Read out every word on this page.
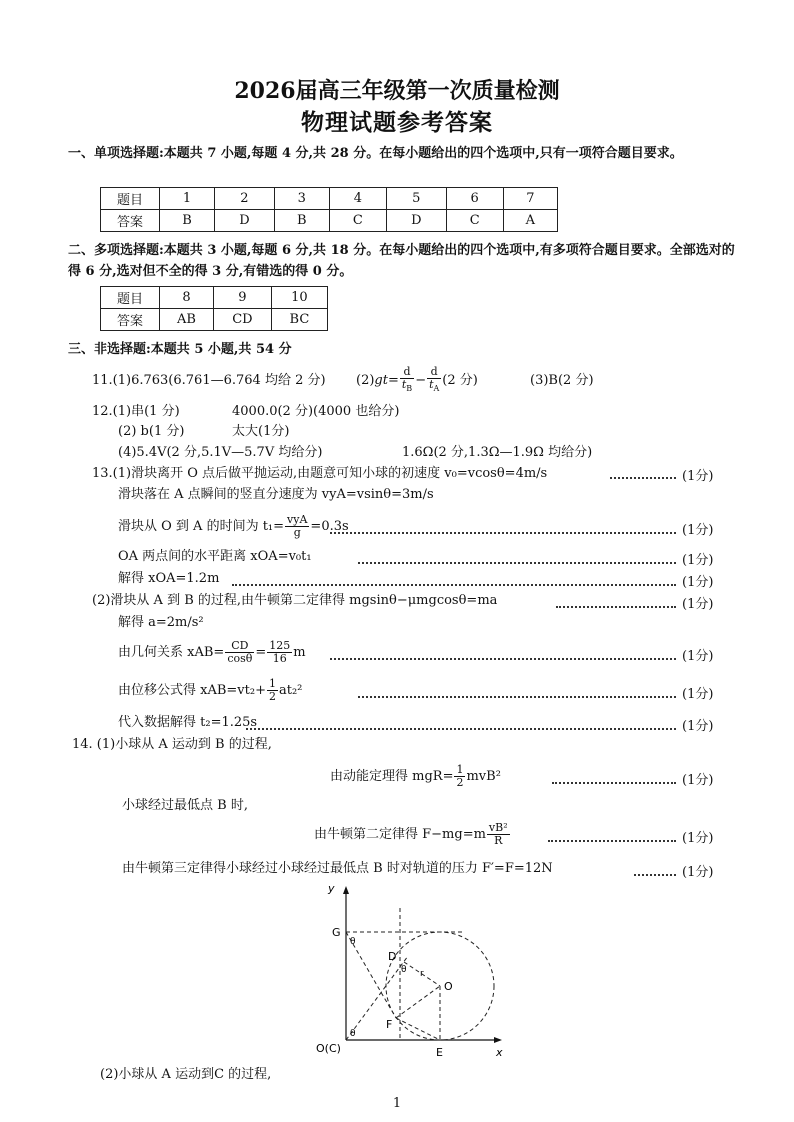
2026届高三年级第一次质量检测
物理试题参考答案
一、单项选择题:本题共 7 小题,每题 4 分,共 28 分。在每小题给出的四个选项中,只有一项符合题目要求。
题目	1	2	3	4	5	6	7
答案	B	D	B	C	D	C	A
二、多项选择题:本题共 3 小题,每题 6 分,共 18 分。在每小题给出的四个选项中,有多项符合题目要求。全部选对的得 6 分,选对但不全的得 3 分,有错选的得 0 分。
题目	8	9	10
答案	AB	CD	BC
三、非选择题:本题共 5 小题,共 54 分
11.(1)6.763(6.761—6.764 均给 2 分) $(2)gt= \frac{d}{t_B} - \frac{d}{t_A} (2$ 分)	(3)B(2 分)
12.(1)串(1 分)	4000.0(2 分)(4000 也给分)
(2) b(1 分)	太大(1分)
(4)5.4V(2 分,5.1V—5.7V 均给分)	1.6Ω(2 分,1.3Ω—1.9Ω 均给分)
13.(1)滑块离开 O 点后做平抛运动,由题意可知小球的初速度 v₀=vcosθ=4m/s	(1分)
滑块落在 A 点瞬间的竖直分速度为 vyA=vsinθ=3m/s
滑块从 O 到 A 的时间为 $t_1= \frac{\text{vyA}}{g} =0.3s$	(1分)
OA 两点间的水平距离 xOA=v₀t₁	(1分)
解得 xOA=1.2m	(1分)
(2)滑块从 A 到 B 的过程,由牛顿第二定律得 mgsinθ−μmgcosθ=ma	(1分)
解得 a=2m/s²
由几何关系 $xAB= \frac{CD}{\cos\theta} = \frac{125}{16}$ m	(1分)
由位移公式得 $xAB=vt_2+ \frac{1}{2} at_2^2$	(1分)
代入数据解得 t₂=1.25s	(1分)
14. (1)小球从 A 运动到 B 的过程,
由动能定理得 $mgR= \frac{1}{2} mvB^2$	(1分)
小球经过最低点 B 时,
由牛顿第二定律得 $F-mg=m \frac{\text{vB²}}{R}$	(1分)
由牛顿第三定律得小球经过小球经过最低点 B 时对轨道的压力 F′=F=12N	(1分)
y
x
G
θ
D
θ r
O
F
θ
E
O(C)
(2)小球从 A 运动到C 的过程,
1
